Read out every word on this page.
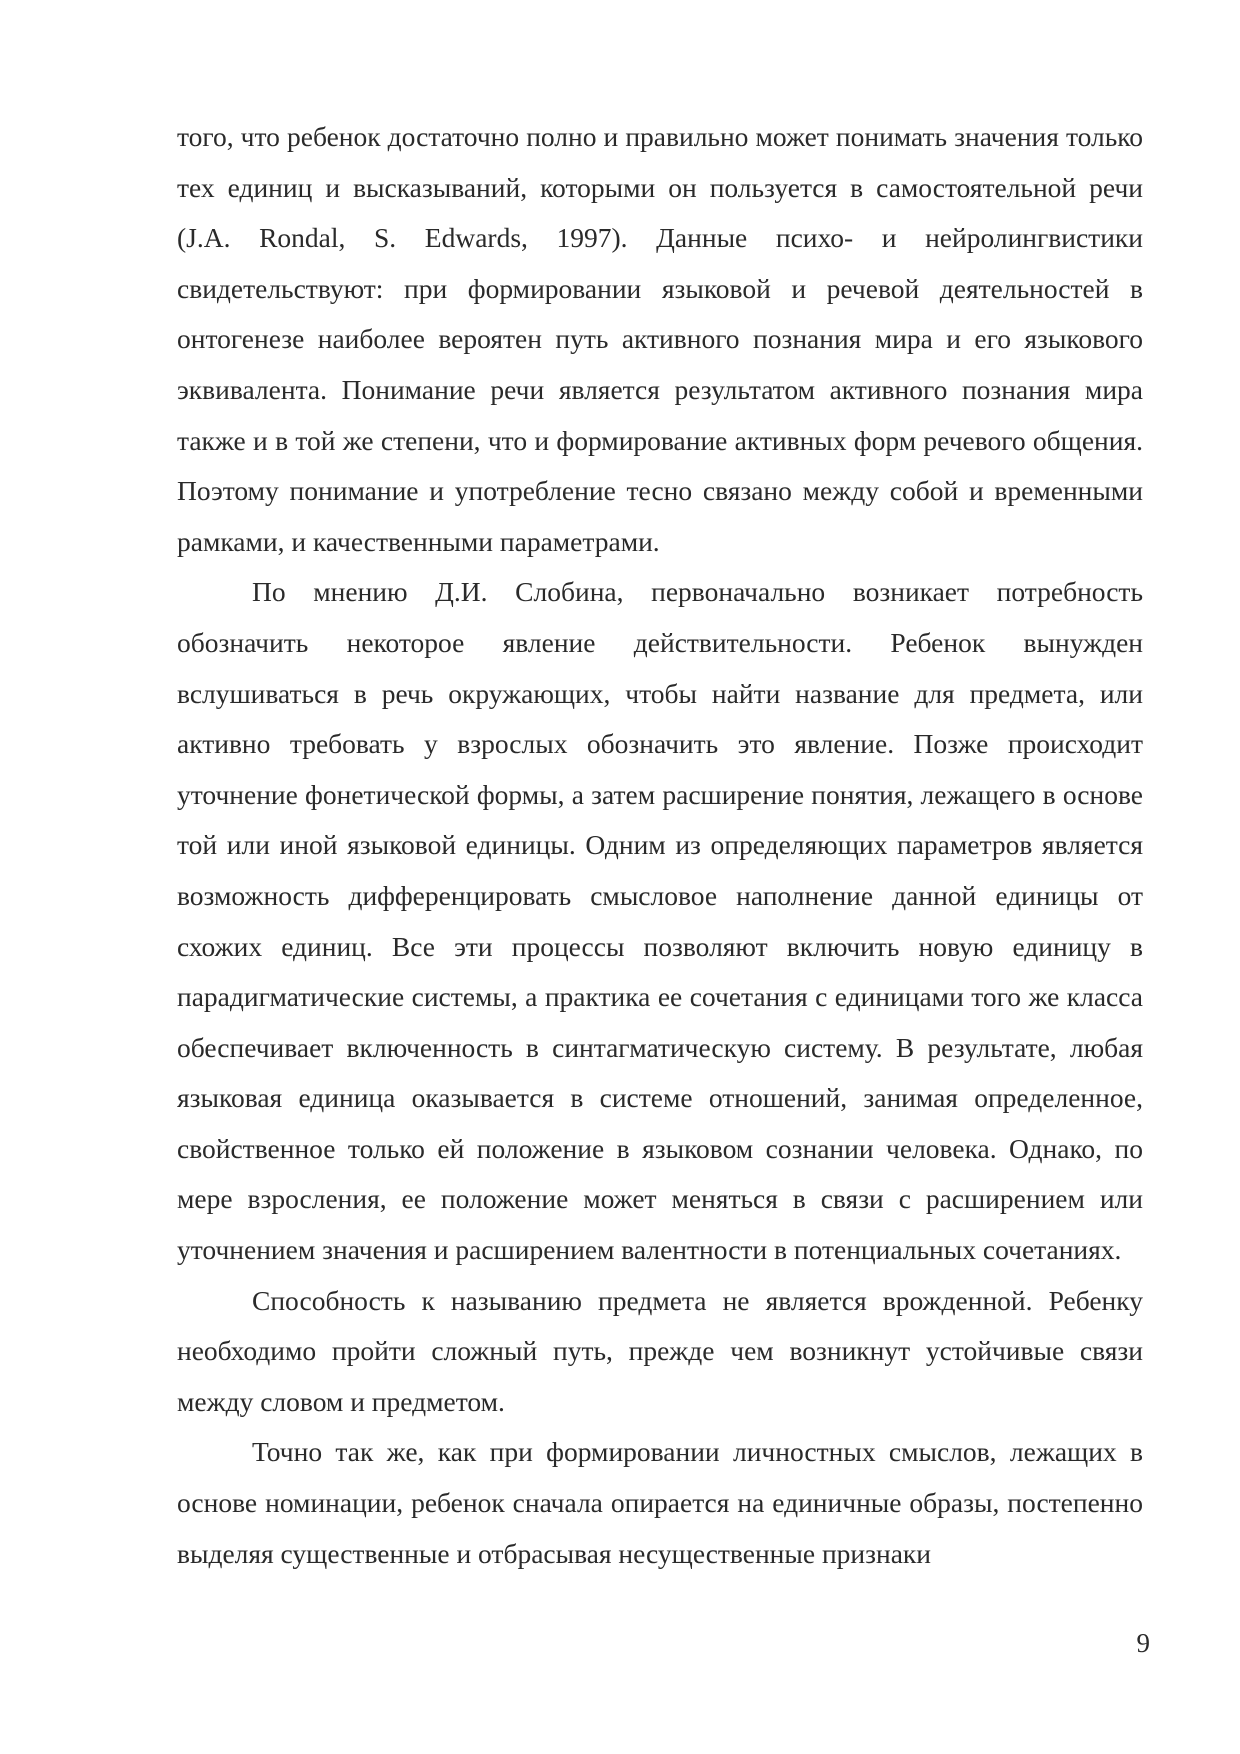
того, что ребенок достаточно полно и правильно может понимать значения только тех единиц и высказываний, которыми он пользуется в самостоятельной речи (J.A. Rondal, S. Edwards, 1997). Данные психо- и нейролингвистики свидетельствуют: при формировании языковой и речевой деятельностей в онтогенезе наиболее вероятен путь активного познания мира и его языкового эквивалента. Понимание речи является результатом активного познания мира также и в той же степени, что и формирование активных форм речевого общения. Поэтому понимание и употребление тесно связано между собой и временными рамками, и качественными параметрами.

По мнению Д.И. Слобина, первоначально возникает потребность обозначить некоторое явление действительности. Ребенок вынужден вслушиваться в речь окружающих, чтобы найти название для предмета, или активно требовать у взрослых обозначить это явление. Позже происходит уточнение фонетической формы, а затем расширение понятия, лежащего в основе той или иной языковой единицы. Одним из определяющих параметров является возможность дифференцировать смысловое наполнение данной единицы от схожих единиц. Все эти процессы позволяют включить новую единицу в парадигматические системы, а практика ее сочетания с единицами того же класса обеспечивает включенность в синтагматическую систему. В результате, любая языковая единица оказывается в системе отношений, занимая определенное, свойственное только ей положение в языковом сознании человека. Однако, по мере взросления, ее положение может меняться в связи с расширением или уточнением значения и расширением валентности в потенциальных сочетаниях.

Способность к называнию предмета не является врожденной. Ребенку необходимо пройти сложный путь, прежде чем возникнут устойчивые связи между словом и предметом.

Точно так же, как при формировании личностных смыслов, лежащих в основе номинации, ребенок сначала опирается на единичные образы, постепенно выделяя существенные и отбрасывая несущественные признаки

9
